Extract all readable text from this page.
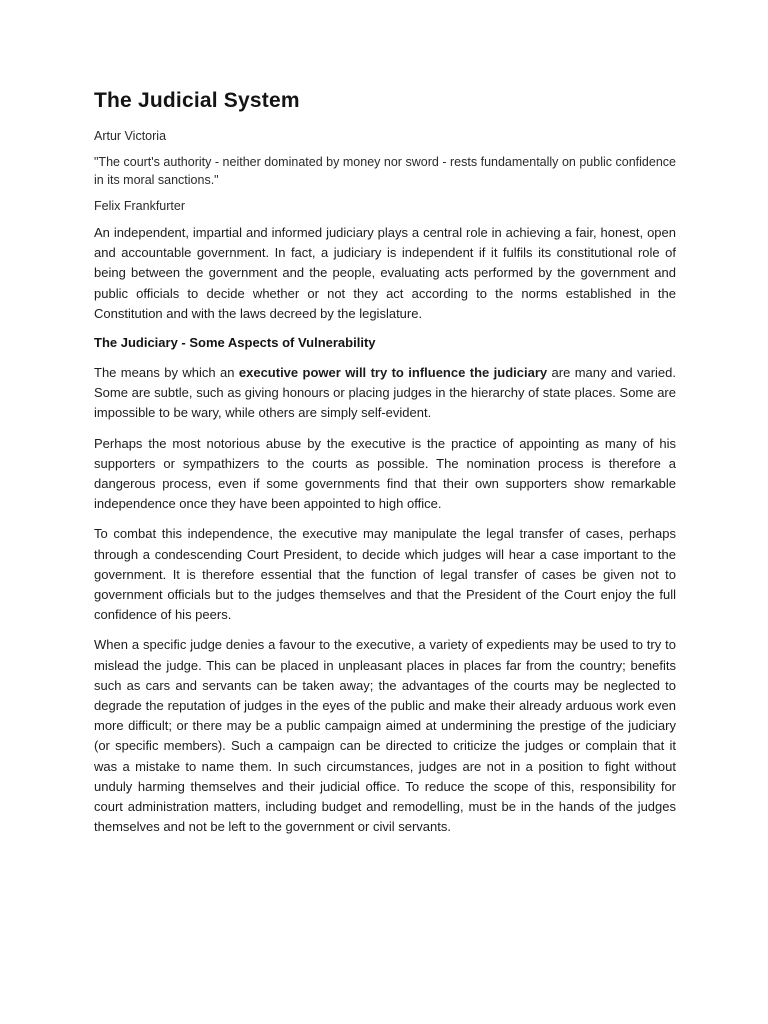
The Judicial System

Artur Victoria

"The court's authority - neither dominated by money nor sword - rests fundamentally on public confidence in its moral sanctions."

Felix Frankfurter

An independent, impartial and informed judiciary plays a central role in achieving a fair, honest, open and accountable government. In fact, a judiciary is independent if it fulfils its constitutional role of being between the government and the people, evaluating acts performed by the government and public officials to decide whether or not they act according to the norms established in the Constitution and with the laws decreed by the legislature.

The Judiciary - Some Aspects of Vulnerability

The means by which an executive power will try to influence the judiciary are many and varied. Some are subtle, such as giving honours or placing judges in the hierarchy of state places. Some are impossible to be wary, while others are simply self-evident.

Perhaps the most notorious abuse by the executive is the practice of appointing as many of his supporters or sympathizers to the courts as possible. The nomination process is therefore a dangerous process, even if some governments find that their own supporters show remarkable independence once they have been appointed to high office.

To combat this independence, the executive may manipulate the legal transfer of cases, perhaps through a condescending Court President, to decide which judges will hear a case important to the government. It is therefore essential that the function of legal transfer of cases be given not to government officials but to the judges themselves and that the President of the Court enjoy the full confidence of his peers.

When a specific judge denies a favour to the executive, a variety of expedients may be used to try to mislead the judge. This can be placed in unpleasant places in places far from the country; benefits such as cars and servants can be taken away; the advantages of the courts may be neglected to degrade the reputation of judges in the eyes of the public and make their already arduous work even more difficult; or there may be a public campaign aimed at undermining the prestige of the judiciary (or specific members). Such a campaign can be directed to criticize the judges or complain that it was a mistake to name them. In such circumstances, judges are not in a position to fight without unduly harming themselves and their judicial office. To reduce the scope of this, responsibility for court administration matters, including budget and remodelling, must be in the hands of the judges themselves and not be left to the government or civil servants.
